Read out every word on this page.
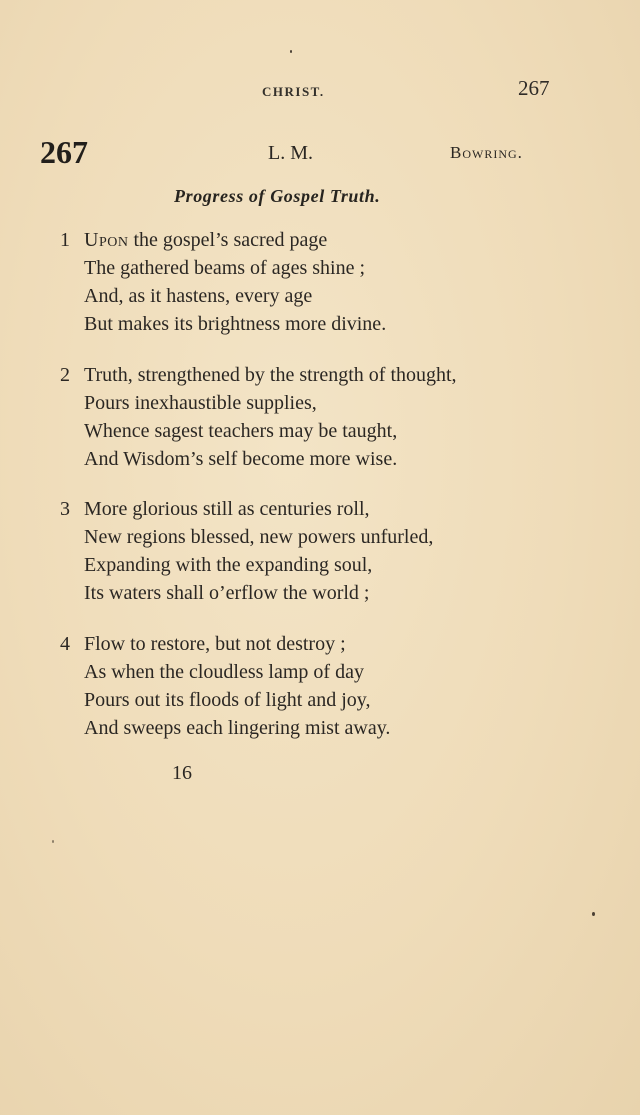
CHRIST.	267
267	L. M.	Bowring.
Progress of Gospel Truth.
1 Upon the gospel’s sacred page
The gathered beams of ages shine ;
And, as it hastens, every age
But makes its brightness more divine.
2 Truth, strengthened by the strength of thought,
Pours inexhaustible supplies,
Whence sagest teachers may be taught,
And Wisdom’s self become more wise.
3 More glorious still as centuries roll,
New regions blessed, new powers unfurled,
Expanding with the expanding soul,
Its waters shall o’erflow the world ;
4 Flow to restore, but not destroy ;
As when the cloudless lamp of day
Pours out its floods of light and joy,
And sweeps each lingering mist away.
16
